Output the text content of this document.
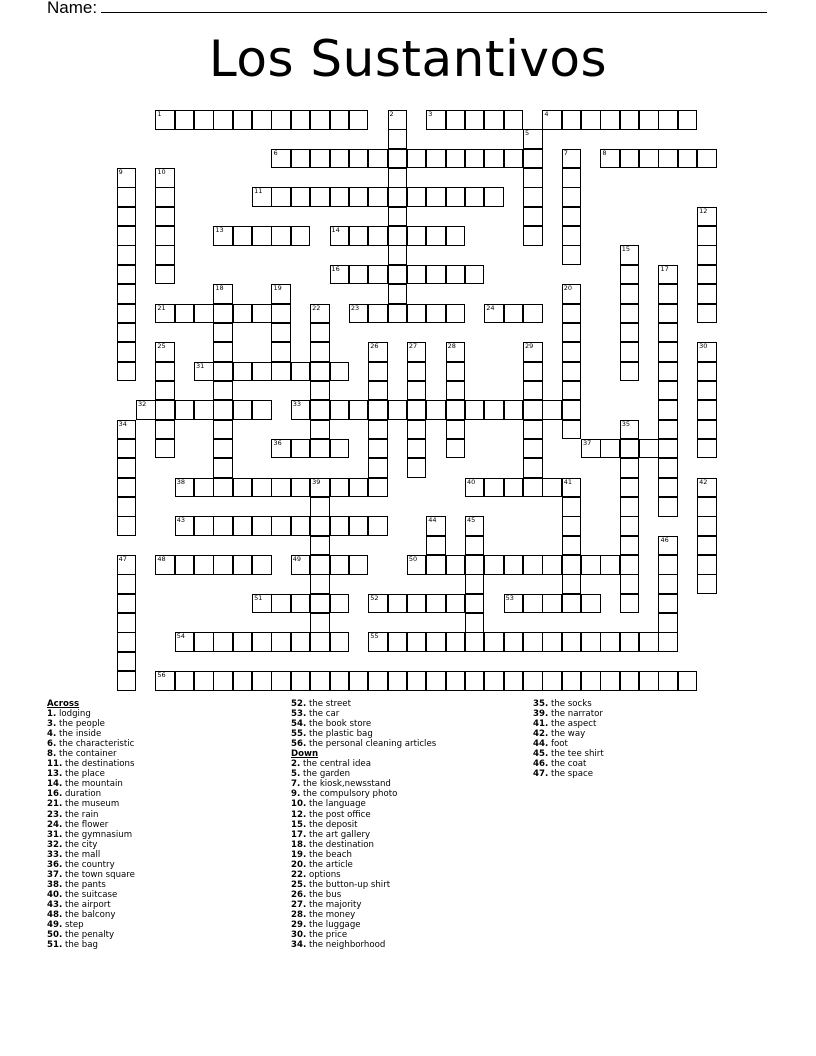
Name:
Los Sustantivos
1	3	4
6	8
11
13	14
16
21	23	24
31
32	33
36	37
38	39	40	41
43
48	49	50
51	52	53
54	55
56
2
5
7
9	10
12
15
17
18	19	20
22
25	26	27	28	29	30
34	35
42
44	45
46
47
Across
1. lodging
3. the people
4. the inside
6. the characteristic
8. the container
11. the destinations
13. the place
14. the mountain
16. duration
21. the museum
23. the rain
24. the flower
31. the gymnasium
32. the city
33. the mall
36. the country
37. the town square
38. the pants
40. the suitcase
43. the airport
48. the balcony
49. step
50. the penalty
51. the bag
52. the street
53. the car
54. the book store
55. the plastic bag
56. the personal cleaning articles
Down
2. the central idea
5. the garden
7. the kiosk,newsstand
9. the compulsory photo
10. the language
12. the post office
15. the deposit
17. the art gallery
18. the destination
19. the beach
20. the article
22. options
25. the button-up shirt
26. the bus
27. the majority
28. the money
29. the luggage
30. the price
34. the neighborhood
35. the socks
39. the narrator
41. the aspect
42. the way
44. foot
45. the tee shirt
46. the coat
47. the space
